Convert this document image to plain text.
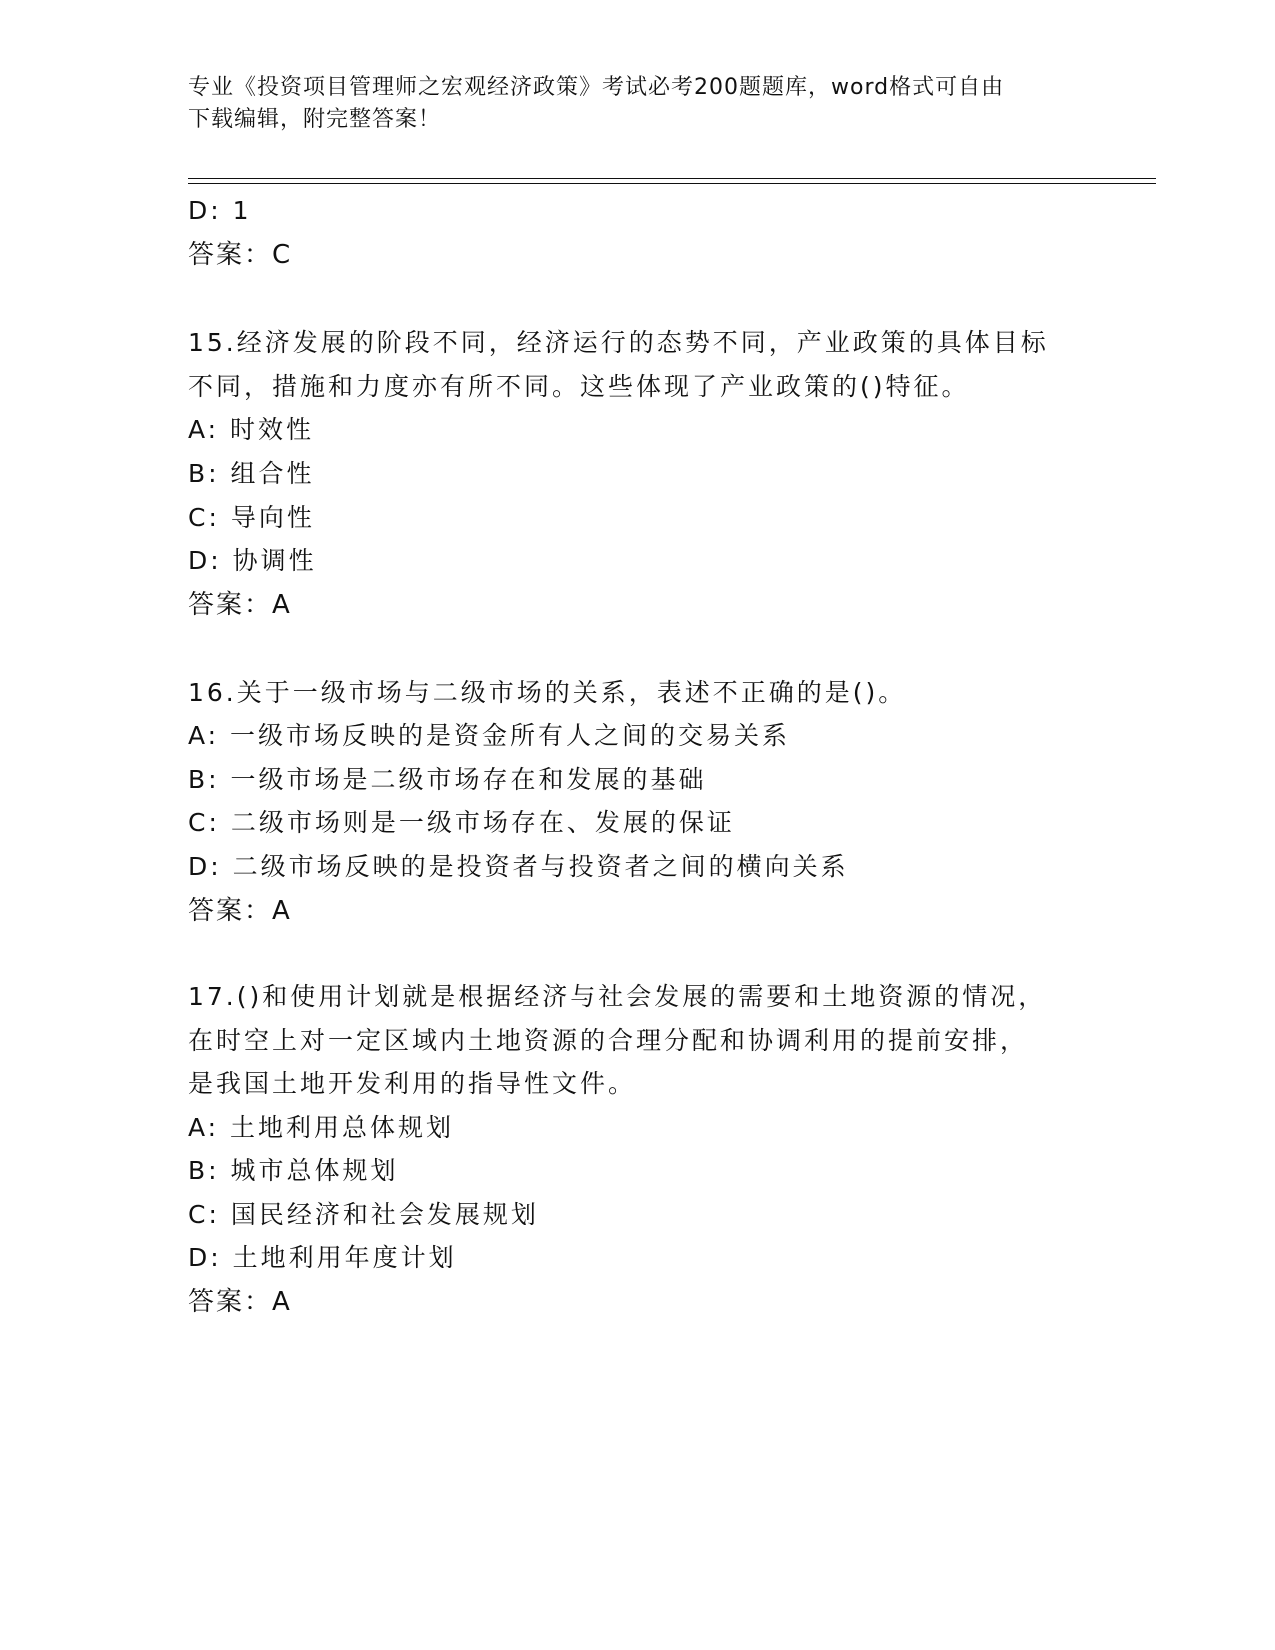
专业《投资项目管理师之宏观经济政策》考试必考200题题库，word格式可自由
下载编辑，附完整答案！
D: 1
答案：C
15.经济发展的阶段不同，经济运行的态势不同，产业政策的具体目标
不同，措施和力度亦有所不同。这些体现了产业政策的()特征。
A: 时效性
B: 组合性
C: 导向性
D: 协调性
答案：A
16.关于一级市场与二级市场的关系，表述不正确的是()。
A: 一级市场反映的是资金所有人之间的交易关系
B: 一级市场是二级市场存在和发展的基础
C: 二级市场则是一级市场存在、发展的保证
D: 二级市场反映的是投资者与投资者之间的横向关系
答案：A
17.()和使用计划就是根据经济与社会发展的需要和土地资源的情况，
在时空上对一定区域内土地资源的合理分配和协调利用的提前安排，
是我国土地开发利用的指导性文件。
A: 土地利用总体规划
B: 城市总体规划
C: 国民经济和社会发展规划
D: 土地利用年度计划
答案：A
